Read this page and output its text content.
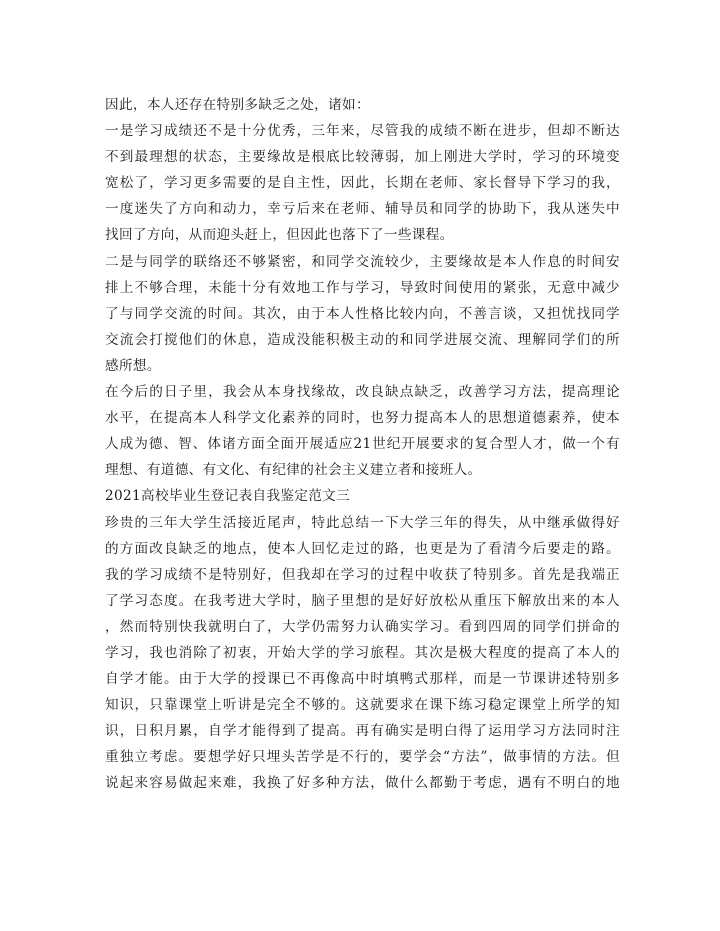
因此，本人还存在特别多缺乏之处，诸如：
一是学习成绩还不是十分优秀，三年来，尽管我的成绩不断在进步，但却不断达
不到最理想的状态，主要缘故是根底比较薄弱，加上刚进大学时，学习的环境变
宽松了，学习更多需要的是自主性，因此，长期在老师、家长督导下学习的我，
一度迷失了方向和动力，幸亏后来在老师、辅导员和同学的协助下，我从迷失中
找回了方向，从而迎头赶上，但因此也落下了一些课程。
二是与同学的联络还不够紧密，和同学交流较少，主要缘故是本人作息的时间安
排上不够合理，未能十分有效地工作与学习，导致时间使用的紧张，无意中减少
了与同学交流的时间。其次，由于本人性格比较内向，不善言谈，又担忧找同学
交流会打搅他们的休息，造成没能积极主动的和同学进展交流、理解同学们的所
感所想。
在今后的日子里，我会从本身找缘故，改良缺点缺乏，改善学习方法，提高理论
水平，在提高本人科学文化素养的同时，也努力提高本人的思想道德素养，使本
人成为德、智、体诸方面全面开展适应21世纪开展要求的复合型人才，做一个有
理想、有道德、有文化、有纪律的社会主义建立者和接班人。
2021高校毕业生登记表自我鉴定范文三
珍贵的三年大学生活接近尾声，特此总结一下大学三年的得失，从中继承做得好
的方面改良缺乏的地点，使本人回忆走过的路，也更是为了看清今后要走的路。
我的学习成绩不是特别好，但我却在学习的过程中收获了特别多。首先是我端正
了学习态度。在我考进大学时，脑子里想的是好好放松从重压下解放出来的本人
，然而特别快我就明白了，大学仍需努力认确实学习。看到四周的同学们拼命的
学习，我也消除了初衷，开始大学的学习旅程。其次是极大程度的提高了本人的
自学才能。由于大学的授课已不再像高中时填鸭式那样，而是一节课讲述特别多
知识，只靠课堂上听讲是完全不够的。这就要求在课下练习稳定课堂上所学的知
识，日积月累，自学才能得到了提高。再有确实是明白得了运用学习方法同时注
重独立考虑。要想学好只埋头苦学是不行的，要学会“方法”，做事情的方法。但
说起来容易做起来难，我换了好多种方法，做什么都勤于考虑，遇有不明白的地
